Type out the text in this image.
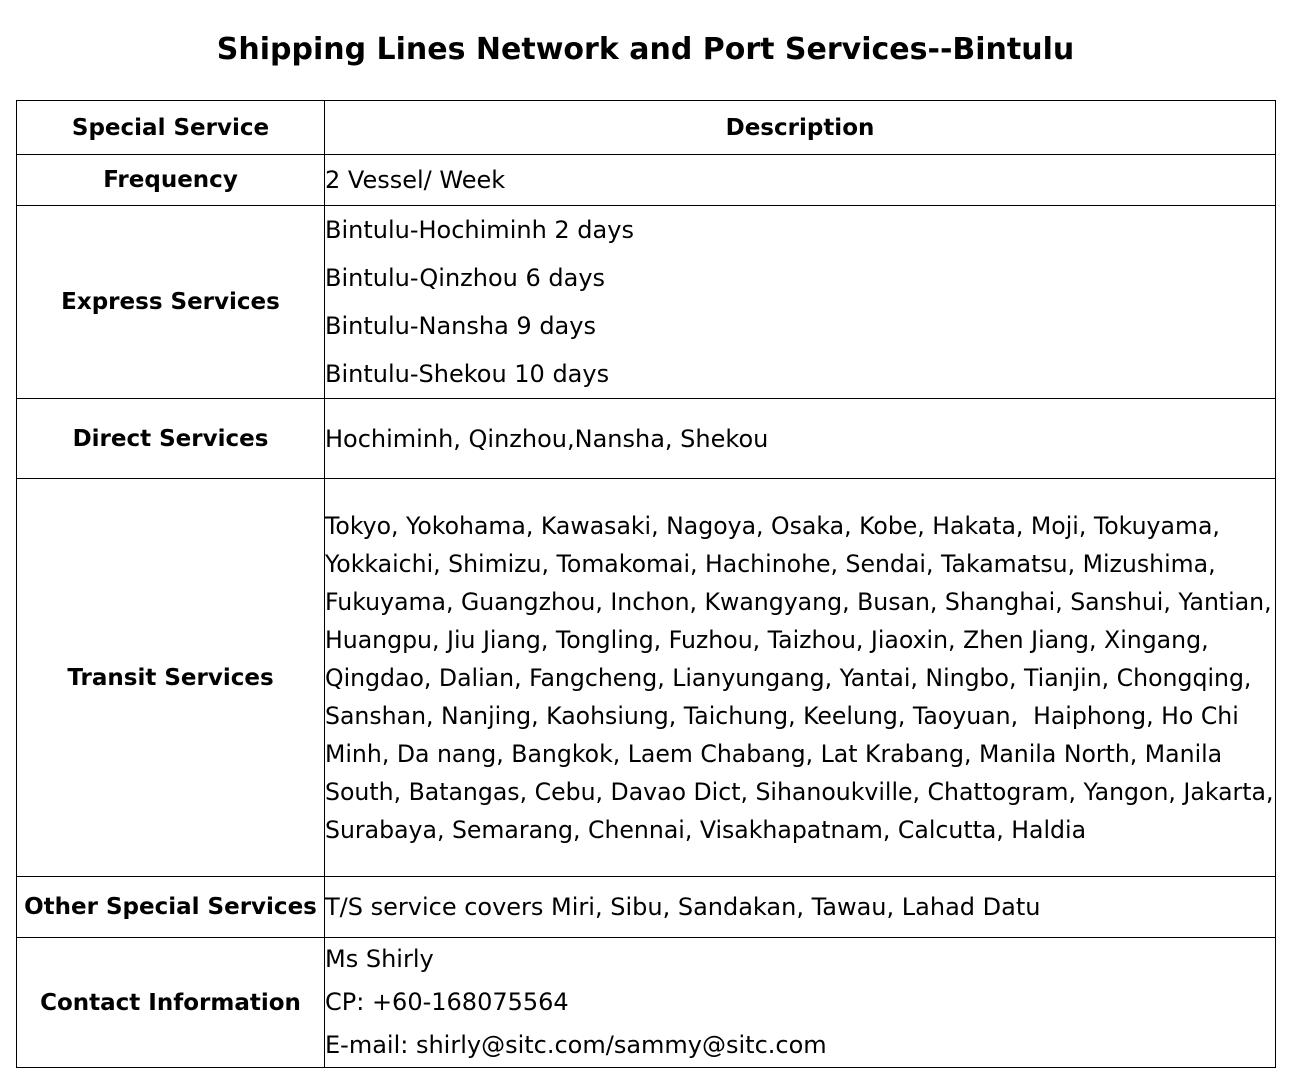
Shipping Lines Network and Port Services--Bintulu
Special Service	Description
Frequency	2 Vessel/ Week
Express Services	Bintulu-Hochiminh 2 days
Bintulu-Qinzhou 6 days
Bintulu-Nansha 9 days
Bintulu-Shekou 10 days

Direct Services	Hochiminh, Qinzhou,Nansha, Shekou
Transit Services	Tokyo, Yokohama, Kawasaki, Nagoya, Osaka, Kobe, Hakata, Moji, Tokuyama, Yokkaichi, Shimizu, Tomakomai, Hachinohe, Sendai, Takamatsu, Mizushima, Fukuyama, Guangzhou, Inchon, Kwangyang, Busan, Shanghai, Sanshui, Yantian, Huangpu, Jiu Jiang, Tongling, Fuzhou, Taizhou, Jiaoxin, Zhen Jiang, Xingang, Qingdao, Dalian, Fangcheng, Lianyungang, Yantai, Ningbo, Tianjin, Chongqing, Sanshan, Nanjing, Kaohsiung, Taichung, Keelung, Taoyuan,  Haiphong, Ho Chi Minh, Da nang, Bangkok, Laem Chabang, Lat Krabang, Manila North, Manila South, Batangas, Cebu, Davao Dict, Sihanoukville, Chattogram, Yangon, Jakarta, Surabaya, Semarang, Chennai, Visakhapatnam, Calcutta, Haldia

Other Special Services	T/S service covers Miri, Sibu, Sandakan, Tawau, Lahad Datu
Contact Information	Ms Shirly
CP: +60-168075564
E-mail: shirly@sitc.com/sammy@sitc.com
